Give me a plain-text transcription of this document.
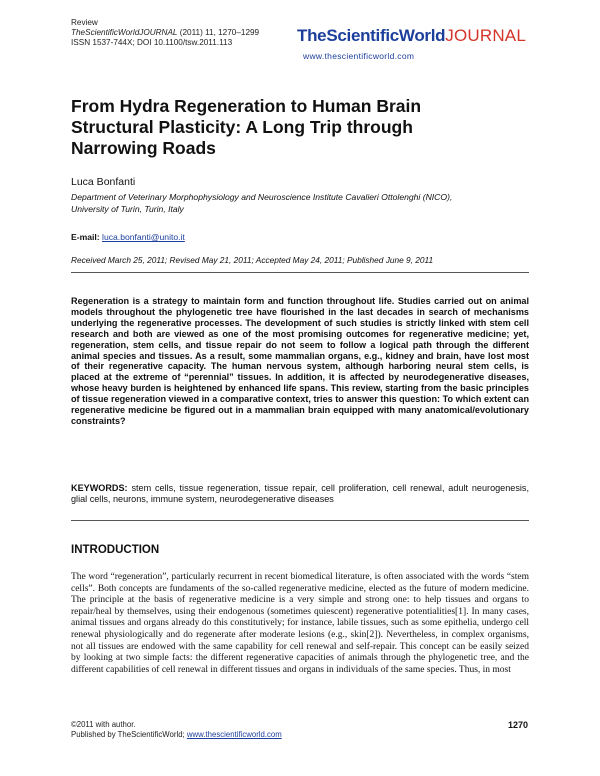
Review
TheScientificWorldJOURNAL (2011) 11, 1270–1299
ISSN 1537-744X; DOI 10.1100/tsw.2011.113	TheScientificWorldJOURNAL
www.thescientificworld.com
From Hydra Regeneration to Human Brain Structural Plasticity: A Long Trip through Narrowing Roads
Luca Bonfanti
Department of Veterinary Morphophysiology and Neuroscience Institute Cavalieri Ottolenghi (NICO), University of Turin, Turin, Italy
E-mail: luca.bonfanti@unito.it
Received March 25, 2011; Revised May 21, 2011; Accepted May 24, 2011; Published June 9, 2011
Regeneration is a strategy to maintain form and function throughout life. Studies carried out on animal models throughout the phylogenetic tree have flourished in the last decades in search of mechanisms underlying the regenerative processes. The development of such studies is strictly linked with stem cell research and both are viewed as one of the most promising outcomes for regenerative medicine; yet, regeneration, stem cells, and tissue repair do not seem to follow a logical path through the different animal species and tissues. As a result, some mammalian organs, e.g., kidney and brain, have lost most of their regenerative capacity. The human nervous system, although harboring neural stem cells, is placed at the extreme of “perennial” tissues. In addition, it is affected by neurodegenerative diseases, whose heavy burden is heightened by enhanced life spans. This review, starting from the basic principles of tissue regeneration viewed in a comparative context, tries to answer this question: To which extent can regenerative medicine be figured out in a mammalian brain equipped with many anatomical/evolutionary constraints?
KEYWORDS: stem cells, tissue regeneration, tissue repair, cell proliferation, cell renewal, adult neurogenesis, glial cells, neurons, immune system, neurodegenerative diseases
INTRODUCTION
The word “regeneration”, particularly recurrent in recent biomedical literature, is often associated with the words “stem cells”. Both concepts are fundaments of the so-called regenerative medicine, elected as the future of modern medicine. The principle at the basis of regenerative medicine is a very simple and strong one: to help tissues and organs to repair/heal by themselves, using their endogenous (sometimes quiescent) regenerative potentialities[1]. In many cases, animal tissues and organs already do this constitutively; for instance, labile tissues, such as some epithelia, undergo cell renewal physiologically and do regenerate after moderate lesions (e.g., skin[2]). Nevertheless, in complex organisms, not all tissues are endowed with the same capability for cell renewal and self-repair. This concept can be easily seized by looking at two simple facts: the different regenerative capacities of animals through the phylogenetic tree, and the different capabilities of cell renewal in different tissues and organs in individuals of the same species. Thus, in most
©2011 with author.
Published by TheScientificWorld; www.thescientificworld.com
1270
